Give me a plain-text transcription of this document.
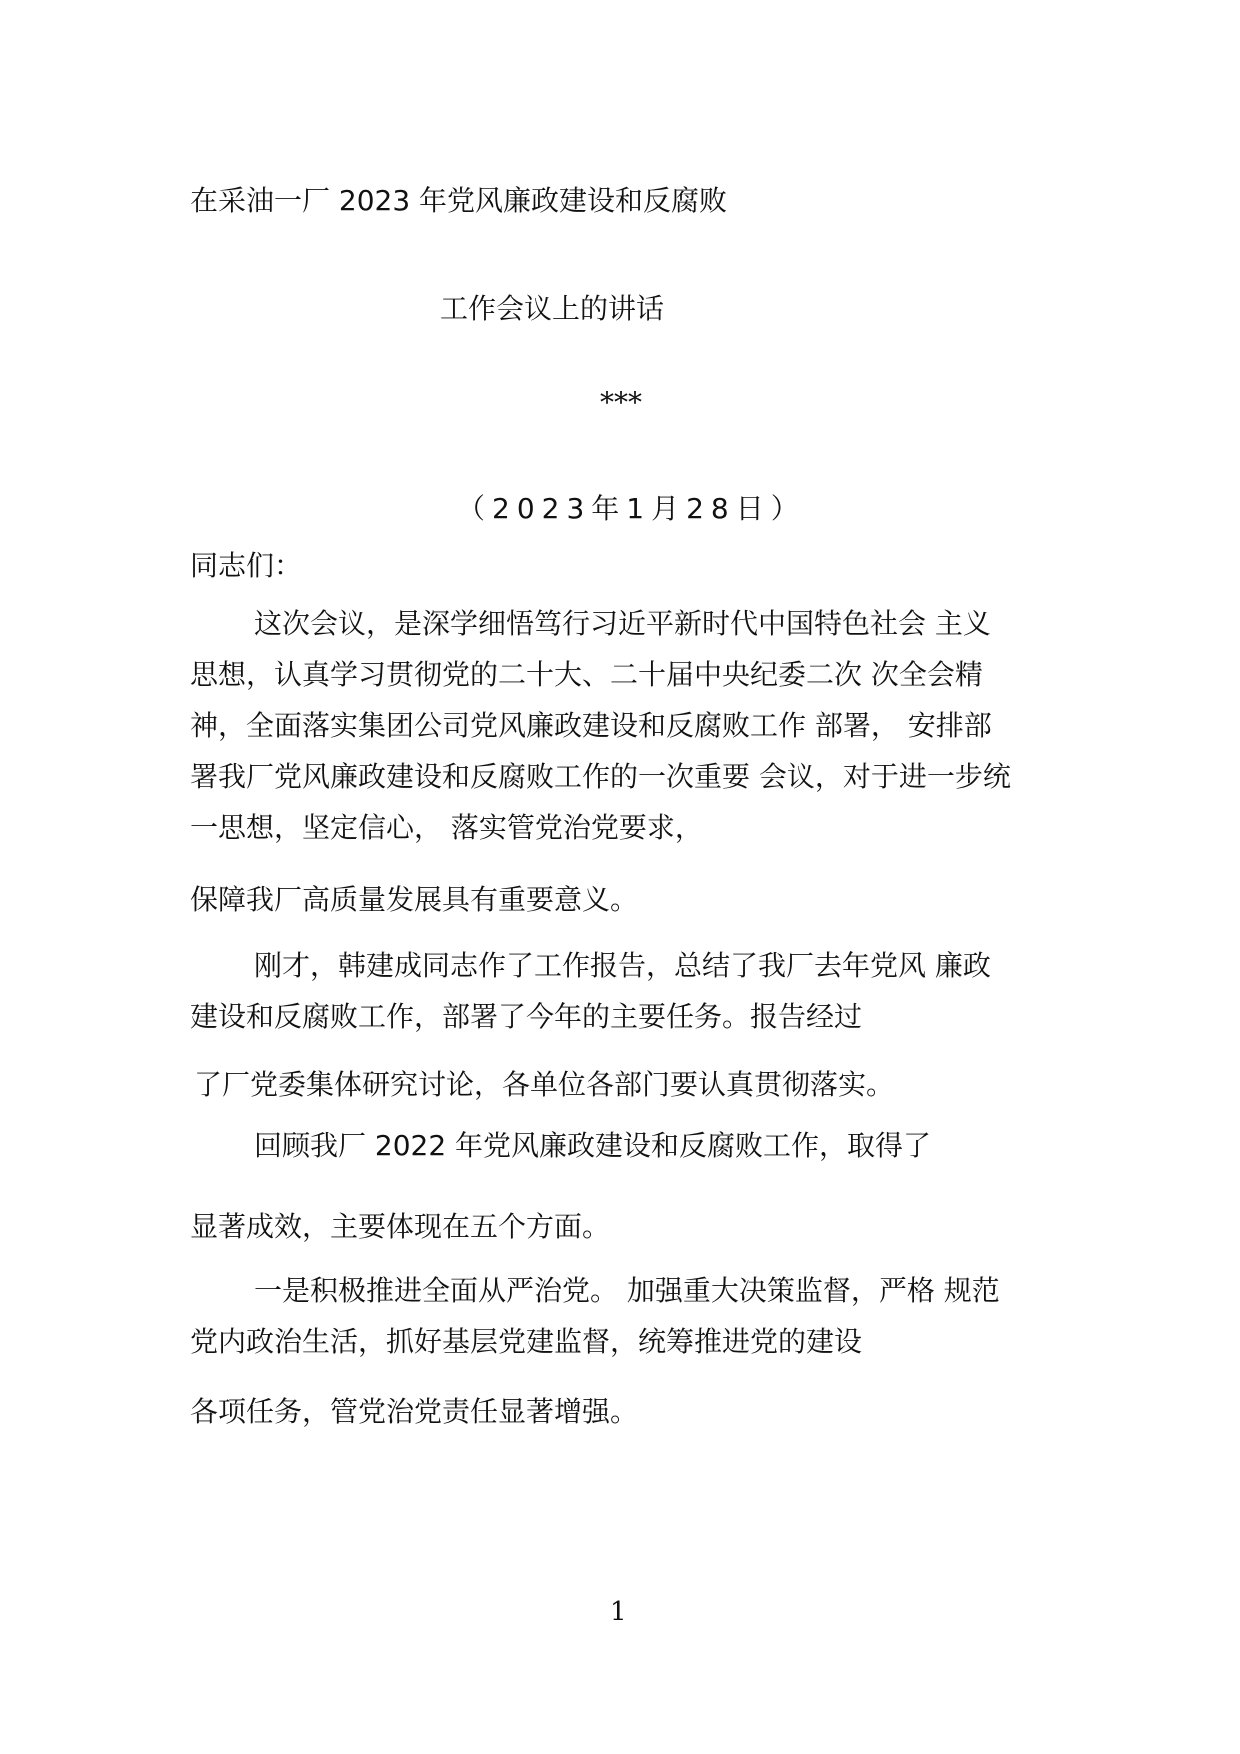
在采油一厂 2023 年党风廉政建设和反腐败
工作会议上的讲话
***
（2023年1月28日）
同志们：
这次会议，是深学细悟笃行习近平新时代中国特色社会 主义
思想，认真学习贯彻党的二十大、二十届中央纪委二次 次全会精
神，全面落实集团公司党风廉政建设和反腐败工作 部署， 安排部
署我厂党风廉政建设和反腐败工作的一次重要 会议，对于进一步统
一思想，坚定信心， 落实管党治党要求，
保障我厂高质量发展具有重要意义。
刚才，韩建成同志作了工作报告，总结了我厂去年党风 廉政
建设和反腐败工作，部署了今年的主要任务。报告经过
了厂党委集体研究讨论，各单位各部门要认真贯彻落实。
回顾我厂 2022 年党风廉政建设和反腐败工作，取得了
显著成效，主要体现在五个方面。
一是积极推进全面从严治党。 加强重大决策监督，严格 规范
党内政治生活，抓好基层党建监督，统筹推进党的建设
各项任务，管党治党责任显著增强。
1
